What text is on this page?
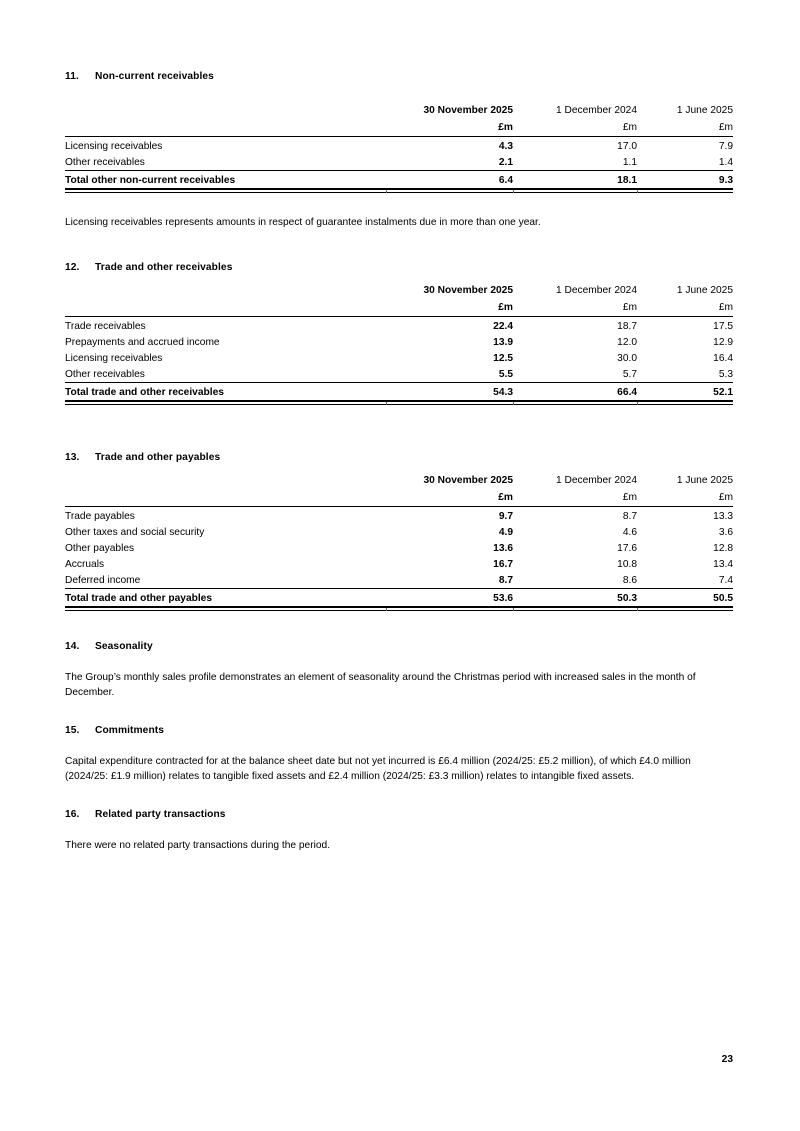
11.	Non-current receivables
	30 November 2025	1 December 2024	1 June 2025
	£m	£m	£m
Licensing receivables	4.3	17.0	7.9
Other receivables	2.1	1.1	1.4
Total other non-current receivables	6.4	18.1	9.3

Licensing receivables represents amounts in respect of guarantee instalments due in more than one year.

12.	Trade and other receivables
	30 November 2025	1 December 2024	1 June 2025
	£m	£m	£m
Trade receivables	22.4	18.7	17.5
Prepayments and accrued income	13.9	12.0	12.9
Licensing receivables	12.5	30.0	16.4
Other receivables	5.5	5.7	5.3
Total trade and other receivables	54.3	66.4	52.1
13.	Trade and other payables
	30 November 2025	1 December 2024	1 June 2025
	£m	£m	£m
Trade payables	9.7	8.7	13.3
Other taxes and social security	4.9	4.6	3.6
Other payables	13.6	17.6	12.8
Accruals	16.7	10.8	13.4
Deferred income	8.7	8.6	7.4
Total trade and other payables	53.6	50.3	50.5
14.	Seasonality

The Group’s monthly sales profile demonstrates an element of seasonality around the Christmas period with increased sales in the month of December.

15.	Commitments

Capital expenditure contracted for at the balance sheet date but not yet incurred is £6.4 million (2024/25: £5.2 million), of which £4.0 million (2024/25: £1.9 million) relates to tangible fixed assets and £2.4 million (2024/25: £3.3 million) relates to intangible fixed assets.

16.	Related party transactions

There were no related party transactions during the period.

23
